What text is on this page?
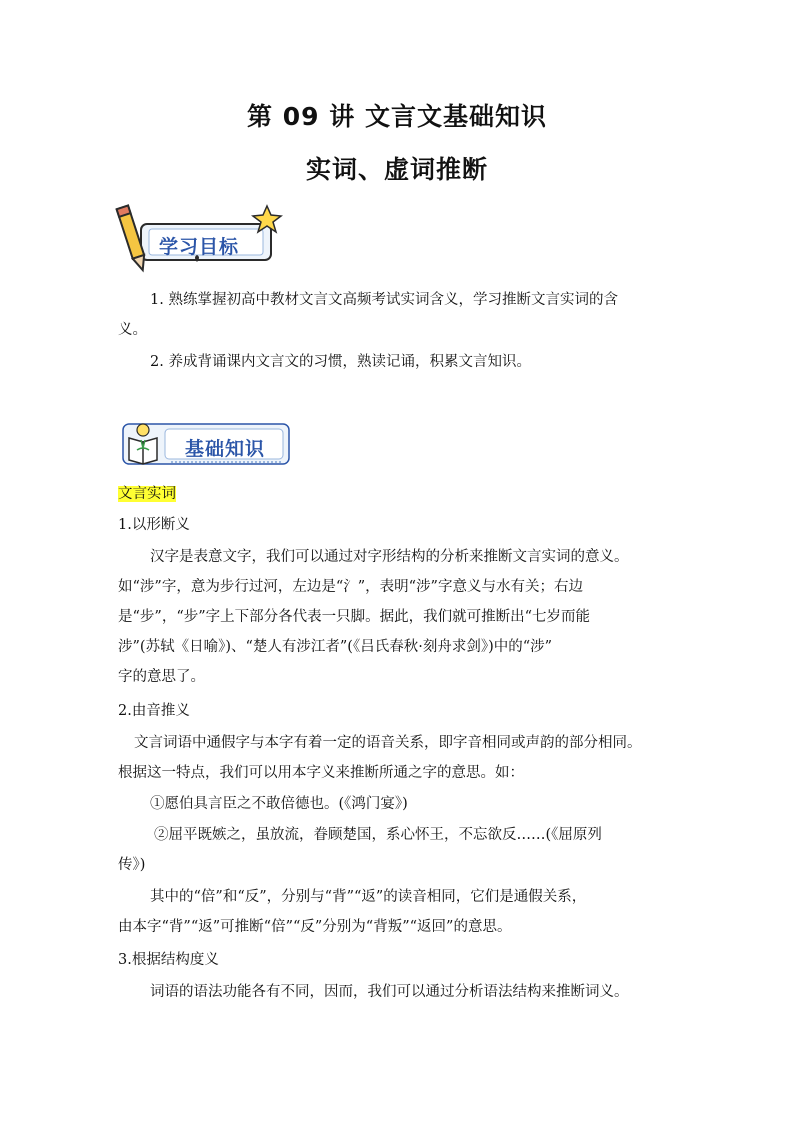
第 09 讲 文言文基础知识
实词、虚词推断
学习目标
1. 熟练掌握初高中教材文言文高频考试实词含义，学习推断文言实词的含
义。
2. 养成背诵课内文言文的习惯，熟读记诵，积累文言知识。
基础知识
文言实词
1.以形断义
汉字是表意文字，我们可以通过对字形结构的分析来推断文言实词的意义。
如“涉”字，意为步行过河，左边是“氵”，表明“涉”字意义与水有关；右边
是“步”，“步”字上下部分各代表一只脚。据此，我们就可推断出“七岁而能
涉”(苏轼《日喻》)、“楚人有涉江者”(《吕氏春秋·刻舟求剑》)中的“涉”
字的意思了。
2.由音推义
文言词语中通假字与本字有着一定的语音关系，即字音相同或声韵的部分相同。
根据这一特点，我们可以用本字义来推断所通之字的意思。如：
①愿伯具言臣之不敢倍德也。(《鸿门宴》)
②屈平既嫉之，虽放流，眷顾楚国，系心怀王，不忘欲反……(《屈原列
传》)
其中的“倍”和“反”，分别与“背”“返”的读音相同，它们是通假关系，
由本字“背”“返”可推断“倍”“反”分别为“背叛”“返回”的意思。
3.根据结构度义
词语的语法功能各有不同，因而，我们可以通过分析语法结构来推断词义。
